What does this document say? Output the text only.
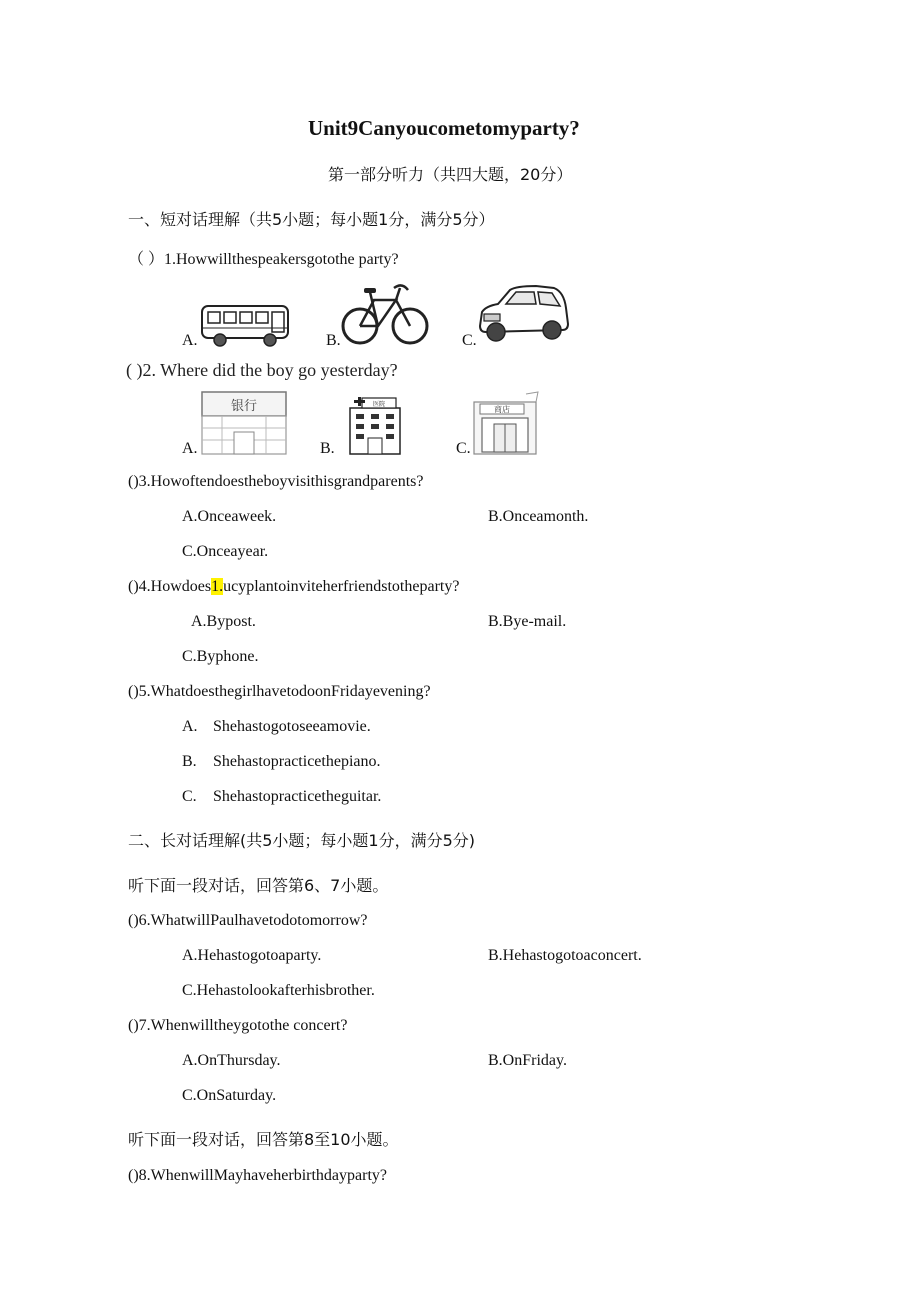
Unit9Canyoucometomyparty?
第一部分听力（共四大题，20分）
一、短对话理解（共5小题；每小题1分，满分5分）
（ ）1.Howwillthespeakersgotothe party?
A.	B.	C.
( )2. Where did the boy go yesterday?
A.
银行
B.
医院
C.
商店
()3.Howoftendoestheboyvisithisgrandparents?
A.Onceaweek.	B.Onceamonth.
C.Onceayear.
()4.Howdoes1.ucyplantoinviteherfriendstotheparty?
A.Bypost.	B.Bye-mail.
C.Byphone.
()5.WhatdoesthegirlhavetodoonFridayevening?
A. Shehastogotoseeamovie.
B. Shehastopracticethepiano.
C. Shehastopracticetheguitar.
二、长对话理解(共5小题；每小题1分，满分5分)
听下面一段对话，回答第6、7小题。
()6.WhatwillPaulhavetodotomorrow?
A.Hehastogotoaparty.	B.Hehastogotoaconcert.
C.Hehastolookafterhisbrother.
()7.Whenwilltheygotothe concert?
A.OnThursday.	B.OnFriday.
C.OnSaturday.
听下面一段对话，回答第8至10小题。
()8.WhenwillMayhaveherbirthdayparty?
